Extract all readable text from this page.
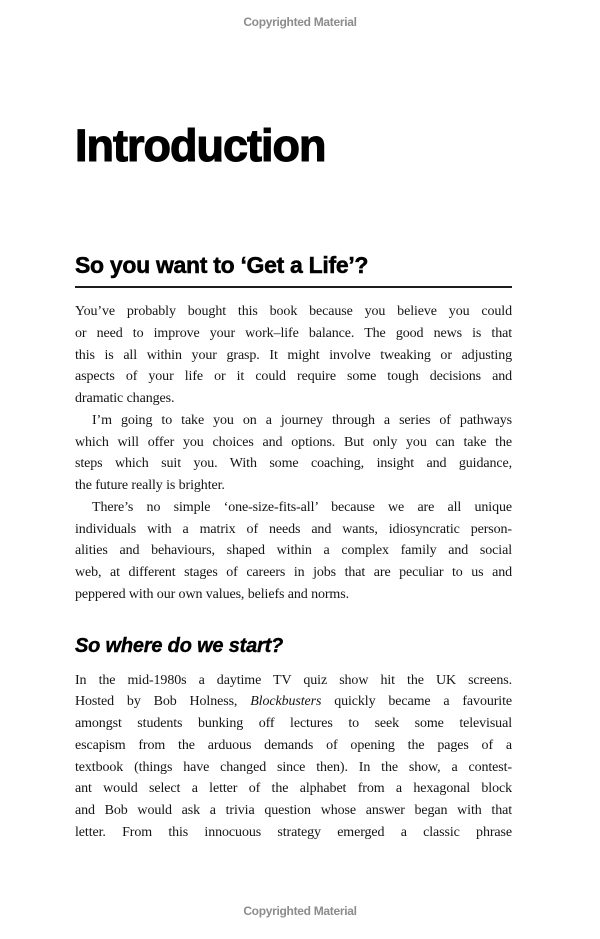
Copyrighted Material
Introduction
So you want to ‘Get a Life’?
You’ve probably bought this book because you believe you could
or need to improve your work–life balance. The good news is that
this is all within your grasp. It might involve tweaking or adjusting
aspects of your life or it could require some tough decisions and
dramatic changes.
I’m going to take you on a journey through a series of pathways
which will offer you choices and options. But only you can take the
steps which suit you. With some coaching, insight and guidance,
the future really is brighter.
There’s no simple ‘one-size-fits-all’ because we are all unique
individuals with a matrix of needs and wants, idiosyncratic person-
alities and behaviours, shaped within a complex family and social
web, at different stages of careers in jobs that are peculiar to us and
peppered with our own values, beliefs and norms.
So where do we start?
In the mid-1980s a daytime TV quiz show hit the UK screens.
Hosted by Bob Holness, Blockbusters quickly became a favourite
amongst students bunking off lectures to seek some televisual
escapism from the arduous demands of opening the pages of a
textbook (things have changed since then). In the show, a contest-
ant would select a letter of the alphabet from a hexagonal block
and Bob would ask a trivia question whose answer began with that
letter. From this innocuous strategy emerged a classic phrase
Copyrighted Material
